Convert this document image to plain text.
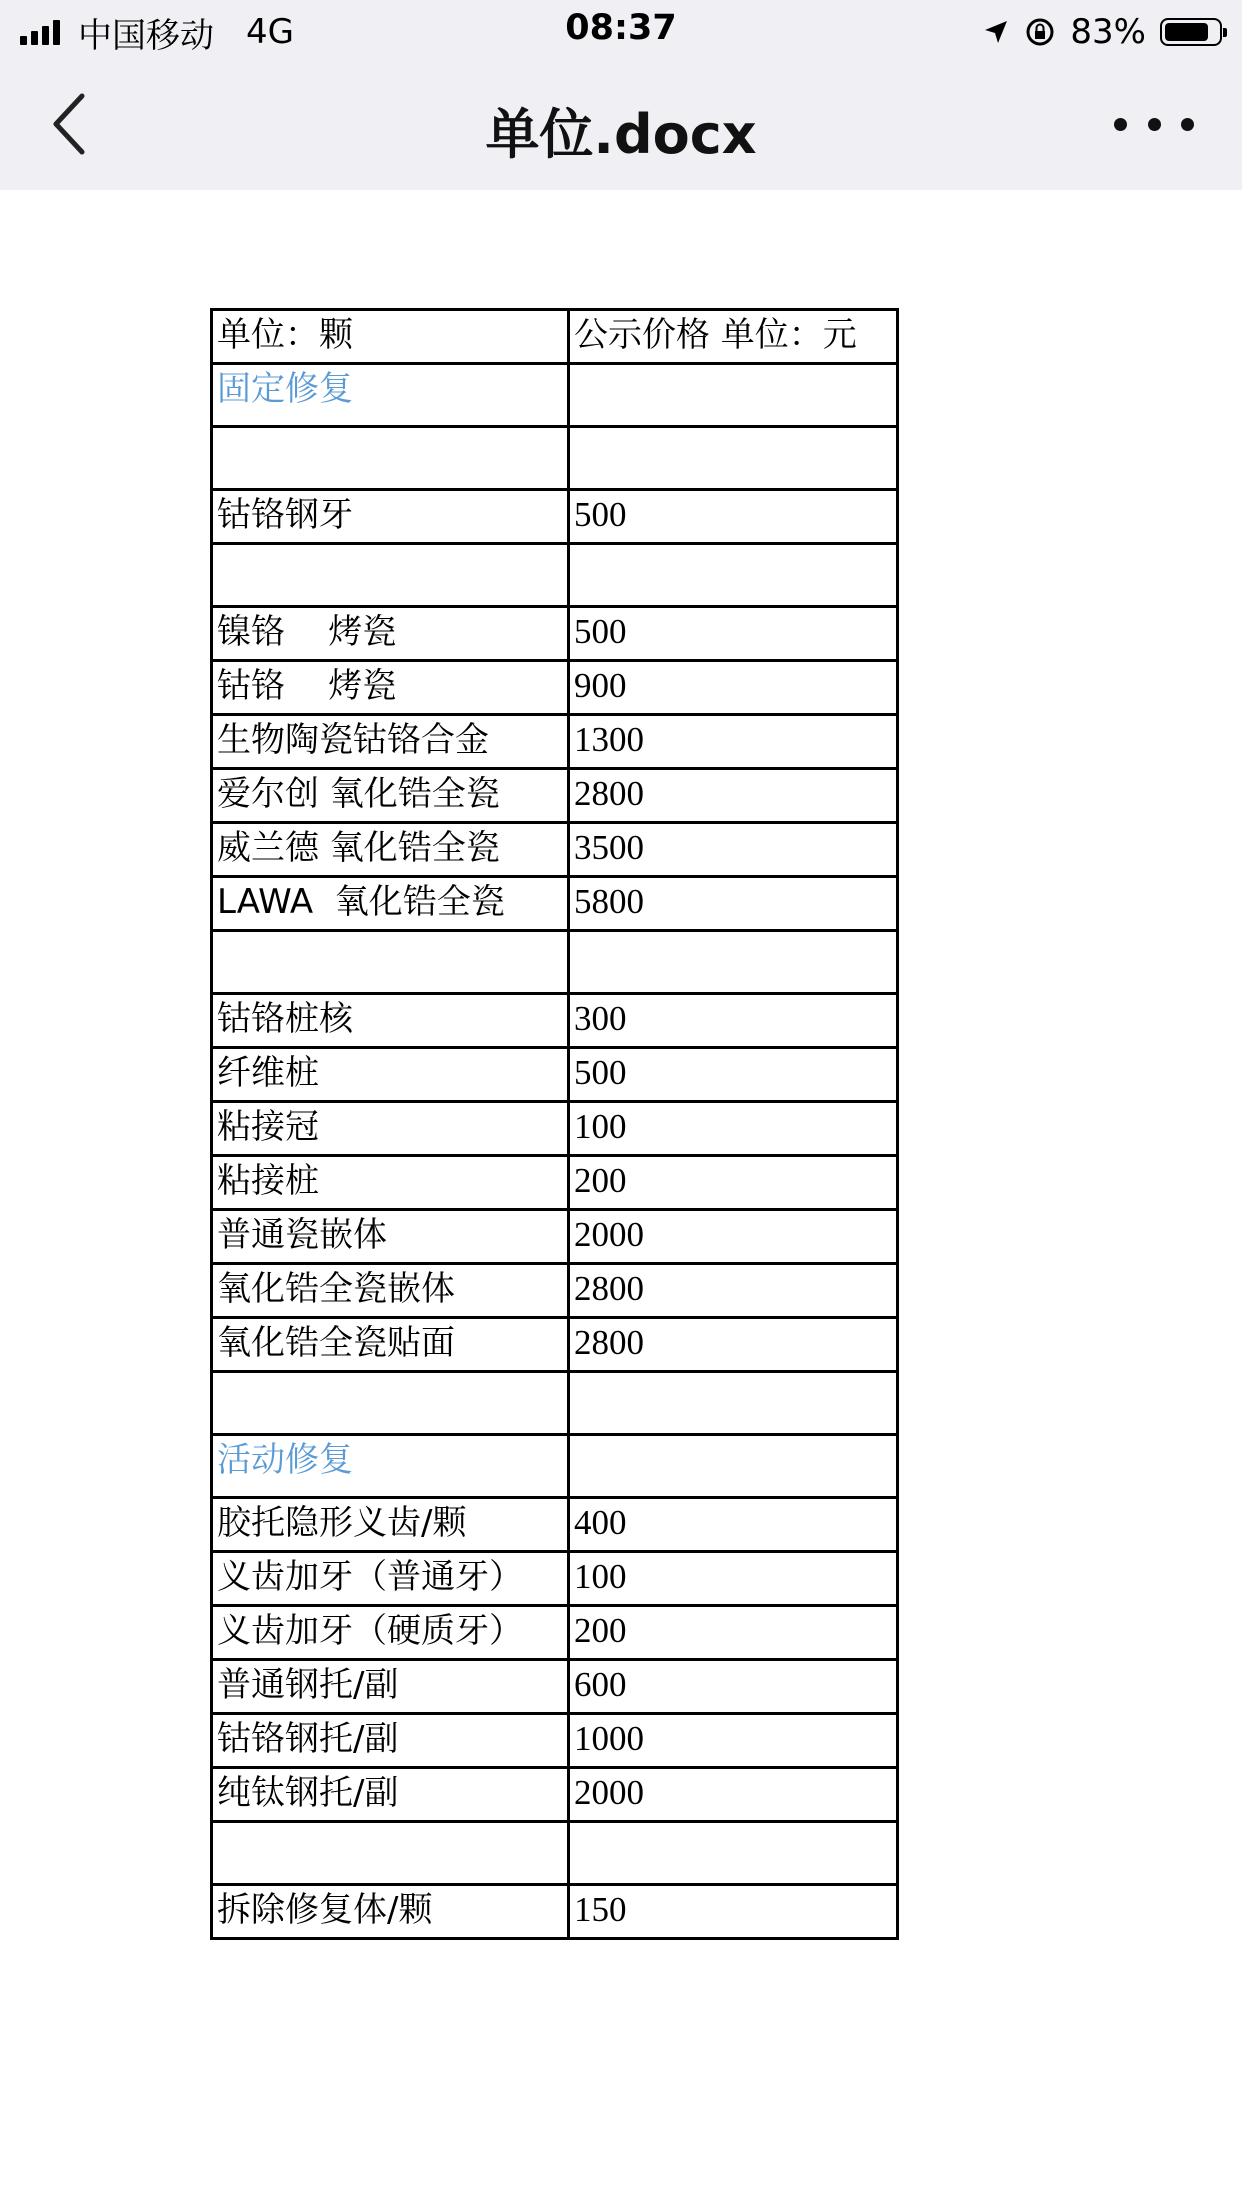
中国移动 4G	08:37	83%
单位.docx
单位：颗	公示价格 单位：元
固定修复	

钴铬钢牙	500

镍铬    烤瓷	500
钴铬    烤瓷	900
生物陶瓷钴铬合金	1300
爱尔创 氧化锆全瓷	2800
威兰德 氧化锆全瓷	3500
LAWA  氧化锆全瓷	5800

钴铬桩核	300
纤维桩	500
粘接冠	100
粘接桩	200
普通瓷嵌体	2000
氧化锆全瓷嵌体	2800
氧化锆全瓷贴面	2800

活动修复	
胶托隐形义齿/颗	400
义齿加牙（普通牙）	100
义齿加牙（硬质牙）	200
普通钢托/副	600
钴铬钢托/副	1000
纯钛钢托/副	2000

拆除修复体/颗	150
